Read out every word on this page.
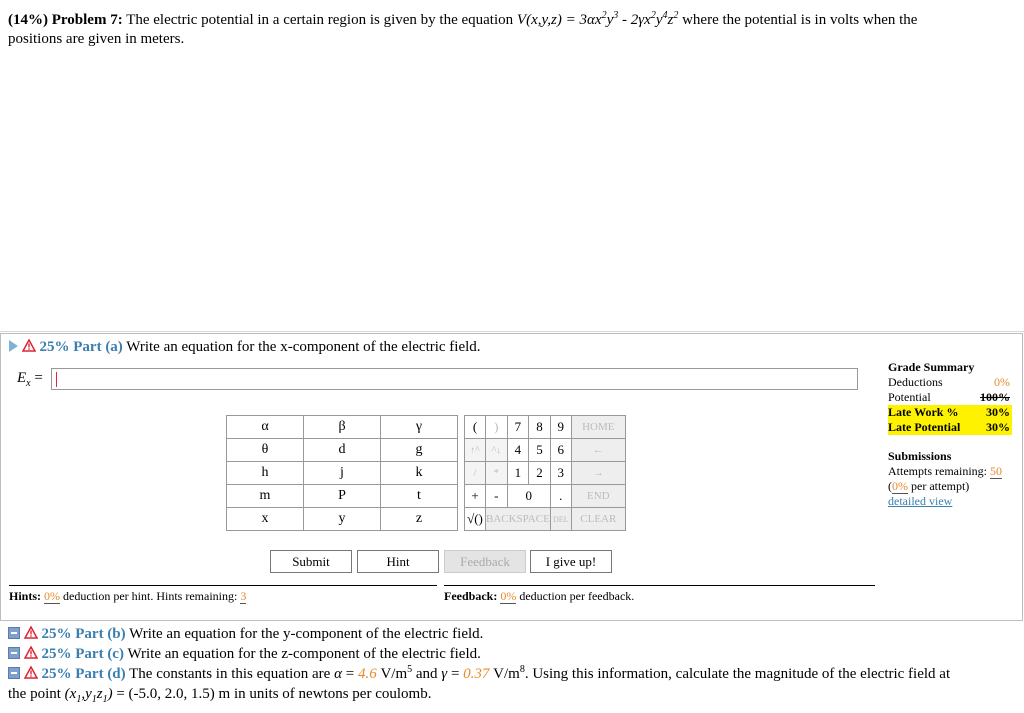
(14%) Problem 7: The electric potential in a certain region is given by the equation $V(x,y,z) = 3\alpha x^2y^3 - 2\gamma x^2y^4z^2$ where the potential is in volts when the
positions are given in meters.
25% Part (a) Write an equation for the x-component of the electric field.
$E_x$ =
Grade Summary
Deductions	0%
Potential	100%
Late Work % 30%
Late Potential 30%
Submissions
Attempts remaining: 50
(0% per attempt)
detailed view
α	β	γ
θ	d	g
h	j	k
m	P	t
x	y	z
(	)	7	8	9	HOME
↑^	^↓	4	5	6	←
/	*	1	2	3	→
+	-	0		.	END
√()	BACKSPACE			DEL	CLEAR
Submit	Hint	Feedback	I give up!
Hints: 0% deduction per hint. Hints remaining: 3	Feedback: 0% deduction per feedback.
25% Part (b) Write an equation for the y-component of the electric field.
25% Part (c) Write an equation for the z-component of the electric field.
25% Part (d) The constants in this equation are α = 4.6 $V/m^5$ and γ = 0.37 $V/m^8$. Using this information, calculate the magnitude of the electric field at
the point $(x_1,y_1z_1) = (-5.0$, 2.0, 1.5) m in units of newtons per coulomb.
